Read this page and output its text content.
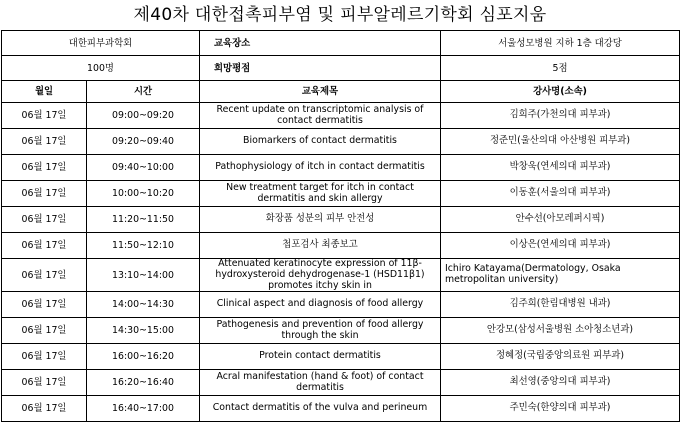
제40차 대한접촉피부염 및 피부알레르기학회 심포지움
대한피부과학회		교육장소	서울성모병원 지하 1층 대강당
100명		희망평점	5점
월일	시간	교육제목	강사명(소속)
06월 17일	09:00~09:20	Recent update on transcriptomic analysis of contact dermatitis	김희주(가천의대 피부과)
06월 17일	09:20~09:40	Biomarkers of contact dermatitis	정준민(울산의대 아산병원 피부과)
06월 17일	09:40~10:00	Pathophysiology of itch in contact dermatitis	박창욱(연세의대 피부과)
06월 17일	10:00~10:20	New treatment target for itch in contact dermatitis and skin allergy	이동훈(서울의대 피부과)
06월 17일	11:20~11:50	화장품 성분의 피부 안전성	안수선(아모레퍼시픽)
06월 17일	11:50~12:10	첩포검사 최종보고	이상은(연세의대 피부과)
06월 17일	13:10~14:00	Attenuated keratinocyte expression of 11β-hydroxysteroid dehydrogenase-1 (HSD11β1) promotes itchy skin in	Ichiro Katayama(Dermatology, Osaka metropolitan university)
06월 17일	14:00~14:30	Clinical aspect and diagnosis of food allergy	김주희(한림대병원 내과)
06월 17일	14:30~15:00	Pathogenesis and prevention of food allergy through the skin	안강모(삼성서울병원 소아청소년과)
06월 17일	16:00~16:20	Protein contact dermatitis	정혜정(국립중앙의료원 피부과)
06월 17일	16:20~16:40	Acral manifestation (hand & foot) of contact dermatitis	최선영(중앙의대 피부과)
06월 17일	16:40~17:00	Contact dermatitis of the vulva and perineum	주민숙(한양의대 피부과)
